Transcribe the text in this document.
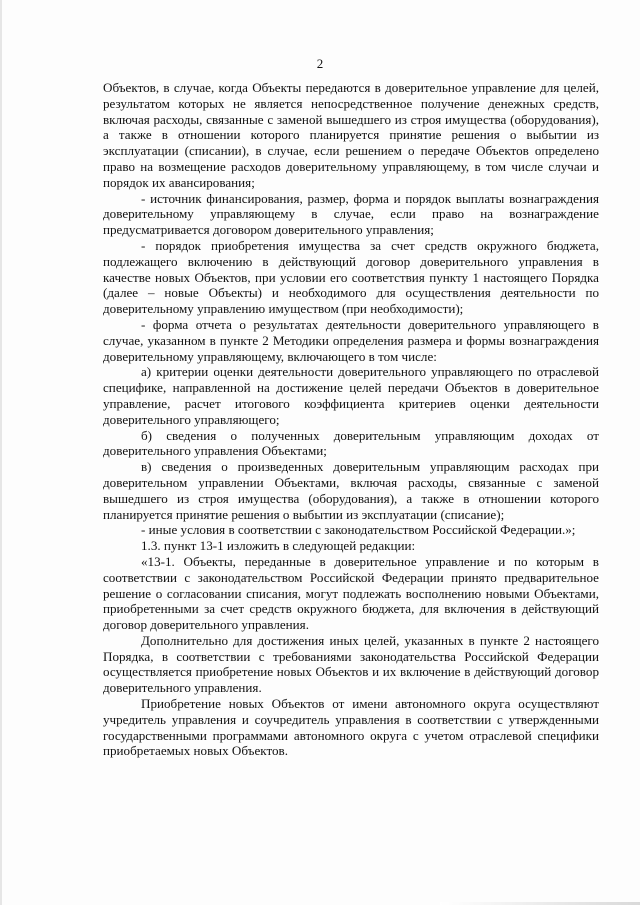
2

Объектов, в случае, когда Объекты передаются в доверительное управление для целей, результатом которых не является непосредственное получение денежных средств, включая расходы, связанные с заменой вышедшего из строя имущества (оборудования), а также в отношении которого планируется принятие решения о выбытии из эксплуатации (списании), в случае, если решением о передаче Объектов определено право на возмещение расходов доверительному управляющему, в том числе случаи и порядок их авансирования;

- источник финансирования, размер, форма и порядок выплаты вознаграждения доверительному управляющему в случае, если право на вознаграждение предусматривается договором доверительного управления;

- порядок приобретения имущества за счет средств окружного бюджета, подлежащего включению в действующий договор доверительного управления в качестве новых Объектов, при условии его соответствия пункту 1 настоящего Порядка (далее – новые Объекты) и необходимого для осуществления деятельности по доверительному управлению имуществом (при необходимости);

- форма отчета о результатах деятельности доверительного управляющего в случае, указанном в пункте 2 Методики определения размера и формы вознаграждения доверительному управляющему, включающего в том числе:

а) критерии оценки деятельности доверительного управляющего по отраслевой специфике, направленной на достижение целей передачи Объектов в доверительное управление, расчет итогового коэффициента критериев оценки деятельности доверительного управляющего;

б) сведения о полученных доверительным управляющим доходах от доверительного управления Объектами;

в) сведения о произведенных доверительным управляющим расходах при доверительном управлении Объектами, включая расходы, связанные с заменой вышедшего из строя имущества (оборудования), а также в отношении которого планируется принятие решения о выбытии из эксплуатации (списание);

- иные условия в соответствии с законодательством Российской Федерации.»;

1.3. пункт 13-1 изложить в следующей редакции:

«13-1. Объекты, переданные в доверительное управление и по которым в соответствии с законодательством Российской Федерации принято предварительное решение о согласовании списания, могут подлежать восполнению новыми Объектами, приобретенными за счет средств окружного бюджета, для включения в действующий договор доверительного управления.

Дополнительно для достижения иных целей, указанных в пункте 2 настоящего Порядка, в соответствии с требованиями законодательства Российской Федерации осуществляется приобретение новых Объектов и их включение в действующий договор доверительного управления.

Приобретение новых Объектов от имени автономного округа осуществляют учредитель управления и соучредитель управления в соответствии с утвержденными государственными программами автономного округа с учетом отраслевой специфики приобретаемых новых Объектов.
